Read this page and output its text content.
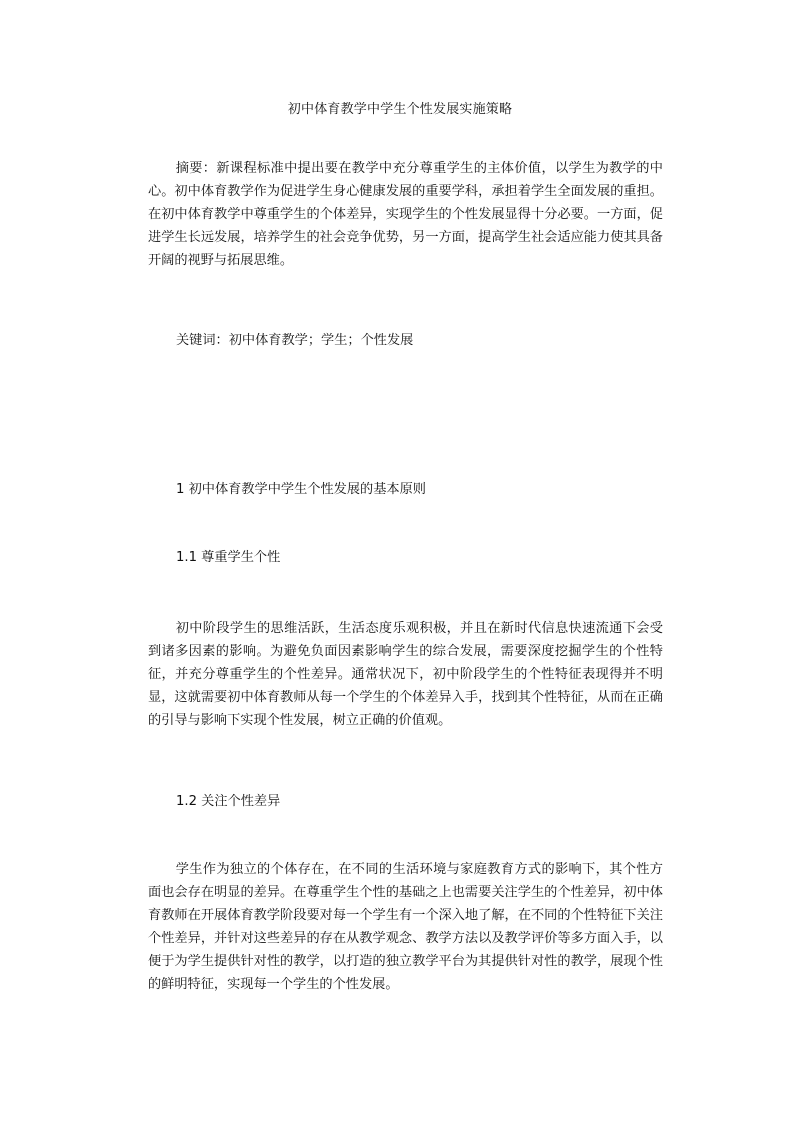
初中体育教学中学生个性发展实施策略

摘要：新课程标准中提出要在教学中充分尊重学生的主体价值，以学生为教学的中心。初中体育教学作为促进学生身心健康发展的重要学科，承担着学生全面发展的重担。在初中体育教学中尊重学生的个体差异，实现学生的个性发展显得十分必要。一方面，促进学生长远发展，培养学生的社会竞争优势，另一方面，提高学生社会适应能力使其具备开阔的视野与拓展思维。

关键词：初中体育教学；学生；个性发展

1 初中体育教学中学生个性发展的基本原则

1.1 尊重学生个性

初中阶段学生的思维活跃，生活态度乐观积极，并且在新时代信息快速流通下会受到诸多因素的影响。为避免负面因素影响学生的综合发展，需要深度挖掘学生的个性特征，并充分尊重学生的个性差异。通常状况下，初中阶段学生的个性特征表现得并不明显，这就需要初中体育教师从每一个学生的个体差异入手，找到其个性特征，从而在正确的引导与影响下实现个性发展，树立正确的价值观。

1.2 关注个性差异

学生作为独立的个体存在，在不同的生活环境与家庭教育方式的影响下，其个性方面也会存在明显的差异。在尊重学生个性的基础之上也需要关注学生的个性差异，初中体育教师在开展体育教学阶段要对每一个学生有一个深入地了解，在不同的个性特征下关注个性差异，并针对这些差异的存在从教学观念、教学方法以及教学评价等多方面入手，以便于为学生提供针对性的教学，以打造的独立教学平台为其提供针对性的教学，展现个性的鲜明特征，实现每一个学生的个性发展。
